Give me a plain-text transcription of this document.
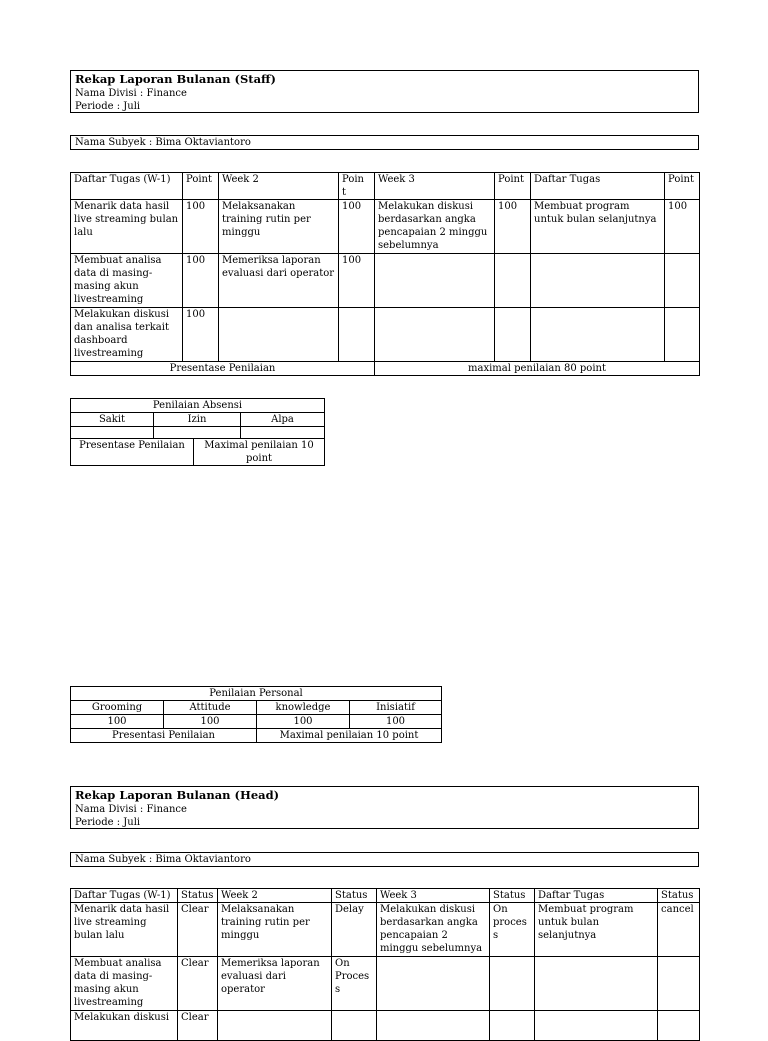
Rekap Laporan Bulanan (Staff)
Nama Divisi : Finance
Periode : Juli
Nama Subyek : Bima Oktaviantoro
Daftar Tugas (W-1)	Point	Week 2	Poin t	Week 3	Point	Daftar Tugas	Point
Menarik data hasil live streaming bulan lalu	100	Melaksanakan training rutin per minggu	100	Melakukan diskusi berdasarkan angka pencapaian 2 minggu sebelumnya	100	Membuat program untuk bulan selanjutnya	100
Membuat analisa data di masing-masing akun livestreaming	100	Memeriksa laporan evaluasi dari operator	100				
Melakukan diskusi dan analisa terkait dashboard livestreaming	100						
Presentase Penilaian				maximal penilaian 80 point			
Penilaian Absensi			
Sakit	Izin		Alpa

Presentase Penilaian		Maximal penilaian 10 point	
Penilaian Personal			
Grooming	Attitude	knowledge	Inisiatif
100	100	100	100
Presentasi Penilaian		Maximal penilaian 10 point	
Rekap Laporan Bulanan (Head)
Nama Divisi : Finance
Periode : Juli
Nama Subyek : Bima Oktaviantoro
Daftar Tugas (W-1)	Status	Week 2	Status	Week 3	Status	Daftar Tugas	Status
Menarik data hasil live streaming bulan lalu	Clear	Melaksanakan training rutin per minggu	Delay	Melakukan diskusi berdasarkan angka pencapaian 2 minggu sebelumnya	On process	Membuat program untuk bulan selanjutnya	cancel
Membuat analisa data di masing-masing akun livestreaming	Clear	Memeriksa laporan evaluasi dari operator	On Process				
Melakukan diskusi	Clear						
